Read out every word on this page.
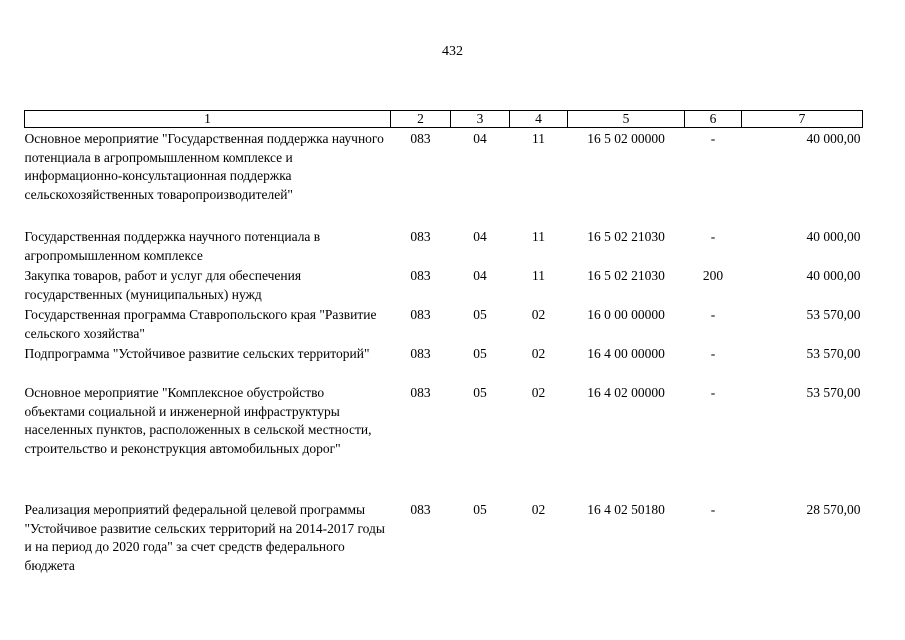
432
1	2	3	4	5	6	7
Основное мероприятие "Государственная поддержка научного потенциала в агропромышленном комплексе и информационно-консультационная поддержка сельскохозяйственных товаропроизводителей"	083	04	11	16 5 02 00000	-	40 000,00
Государственная поддержка научного потенциала в агропромышленном комплексе	083	04	11	16 5 02 21030	-	40 000,00
Закупка товаров, работ и услуг для обеспечения государственных (муниципальных) нужд	083	04	11	16 5 02 21030	200	40 000,00
Государственная программа Ставропольского края "Развитие сельского хозяйства"	083	05	02	16 0 00 00000	-	53 570,00
Подпрограмма "Устойчивое развитие сельских территорий"	083	05	02	16 4 00 00000	-	53 570,00
Основное мероприятие "Комплексное обустройство объектами социальной и инженерной инфраструктуры населенных пунктов, расположенных в сельской местности, строительство и реконструкция автомобильных дорог"	083	05	02	16 4 02 00000	-	53 570,00
Реализация мероприятий федеральной целевой программы "Устойчивое развитие сельских территорий на 2014-2017 годы и на период до 2020 года" за счет средств федерального бюджета	083	05	02	16 4 02 50180	-	28 570,00
